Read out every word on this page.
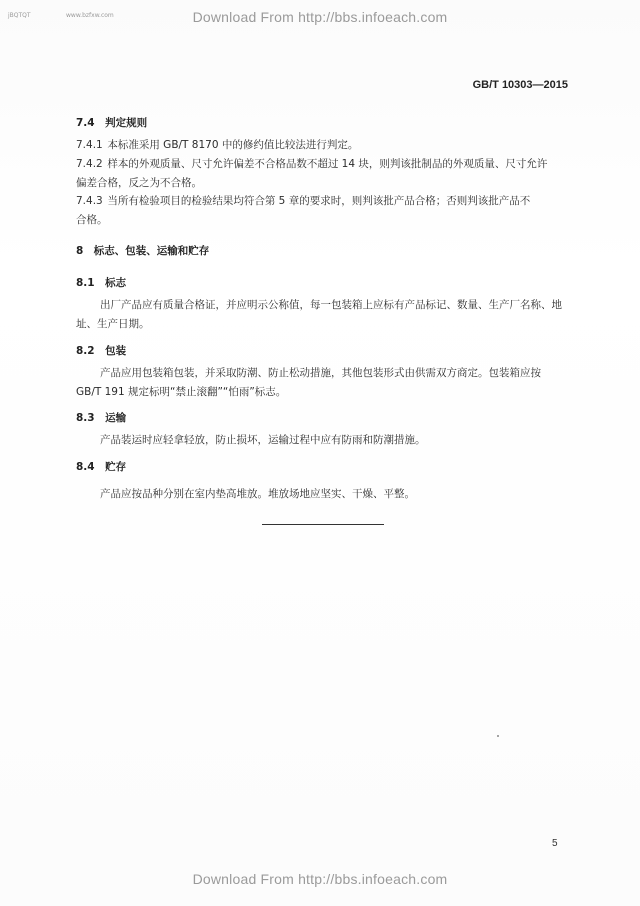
jBQTQT	www.bzfxw.com	Download From http://bbs.infoeach.com
GB/T 10303—2015
7.4　判定规则
7.4.1 本标准采用 GB/T 8170 中的修约值比较法进行判定。
7.4.2 样本的外观质量、尺寸允许偏差不合格品数不超过 14 块，则判该批制品的外观质量、尺寸允许
偏差合格，反之为不合格。
7.4.3 当所有检验项目的检验结果均符合第 5 章的要求时，则判该批产品合格；否则判该批产品不
合格。
8　标志、包装、运输和贮存
8.1　标志
出厂产品应有质量合格证，并应明示公称值，每一包装箱上应标有产品标记、数量、生产厂名称、地
址、生产日期。
8.2　包装
产品应用包装箱包装，并采取防潮、防止松动措施，其他包装形式由供需双方商定。包装箱应按
GB/T 191 规定标明“禁止滚翻”“怕雨”标志。
8.3　运输
产品装运时应轻拿轻放，防止损坏，运输过程中应有防雨和防潮措施。
8.4　贮存
产品应按品种分别在室内垫高堆放。堆放场地应坚实、干燥、平整。
5
Download From http://bbs.infoeach.com
